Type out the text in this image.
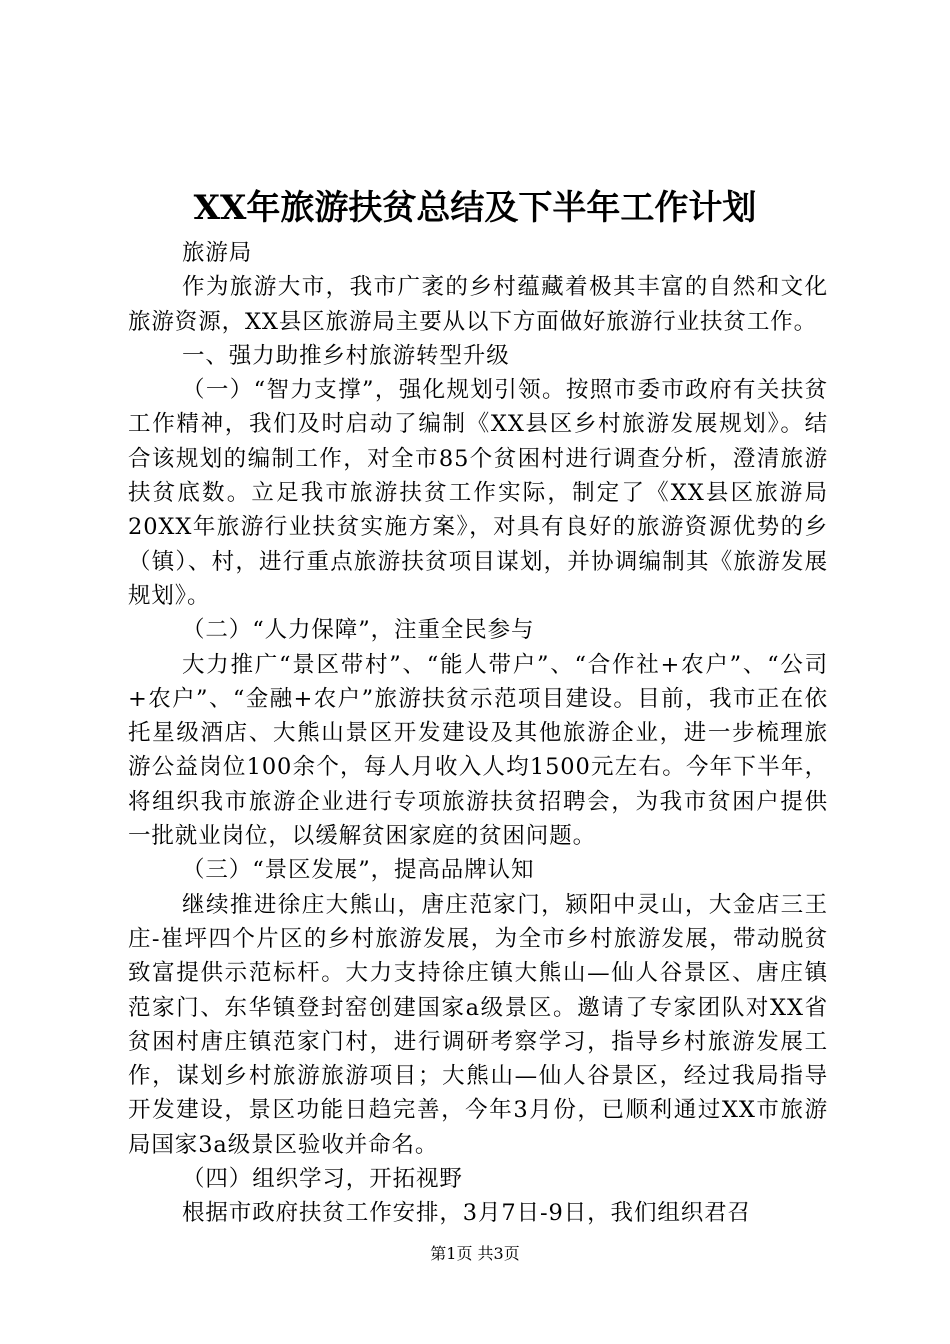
XX年旅游扶贫总结及下半年工作计划

旅游局

作为旅游大市，我市广袤的乡村蕴藏着极其丰富的自然和文化旅游资源，XX县区旅游局主要从以下方面做好旅游行业扶贫工作。

一、强力助推乡村旅游转型升级

（一）“智力支撑”，强化规划引领。按照市委市政府有关扶贫工作精神，我们及时启动了编制《XX县区乡村旅游发展规划》。结合该规划的编制工作，对全市85个贫困村进行调查分析，澄清旅游扶贫底数。立足我市旅游扶贫工作实际，制定了《XX县区旅游局20XX年旅游行业扶贫实施方案》，对具有良好的旅游资源优势的乡（镇）、村，进行重点旅游扶贫项目谋划，并协调编制其《旅游发展规划》。

（二）“人力保障”，注重全民参与

大力推广“景区带村”、“能人带户”、“合作社+农户”、“公司+农户”、“金融+农户”旅游扶贫示范项目建设。目前，我市正在依托星级酒店、大熊山景区开发建设及其他旅游企业，进一步梳理旅游公益岗位100余个，每人月收入人均1500元左右。今年下半年，将组织我市旅游企业进行专项旅游扶贫招聘会，为我市贫困户提供一批就业岗位，以缓解贫困家庭的贫困问题。

（三）“景区发展”，提高品牌认知

继续推进徐庄大熊山，唐庄范家门，颍阳中灵山，大金店三王庄-崔坪四个片区的乡村旅游发展，为全市乡村旅游发展，带动脱贫致富提供示范标杆。大力支持徐庄镇大熊山—仙人谷景区、唐庄镇范家门、东华镇登封窑创建国家a级景区。邀请了专家团队对XX省贫困村唐庄镇范家门村，进行调研考察学习，指导乡村旅游发展工作，谋划乡村旅游旅游项目；大熊山—仙人谷景区，经过我局指导开发建设，景区功能日趋完善，今年3月份，已顺利通过XX市旅游局国家3a级景区验收并命名。

（四）组织学习，开拓视野

根据市政府扶贫工作安排，3月7日-9日，我们组织君召

第1页 共3页
